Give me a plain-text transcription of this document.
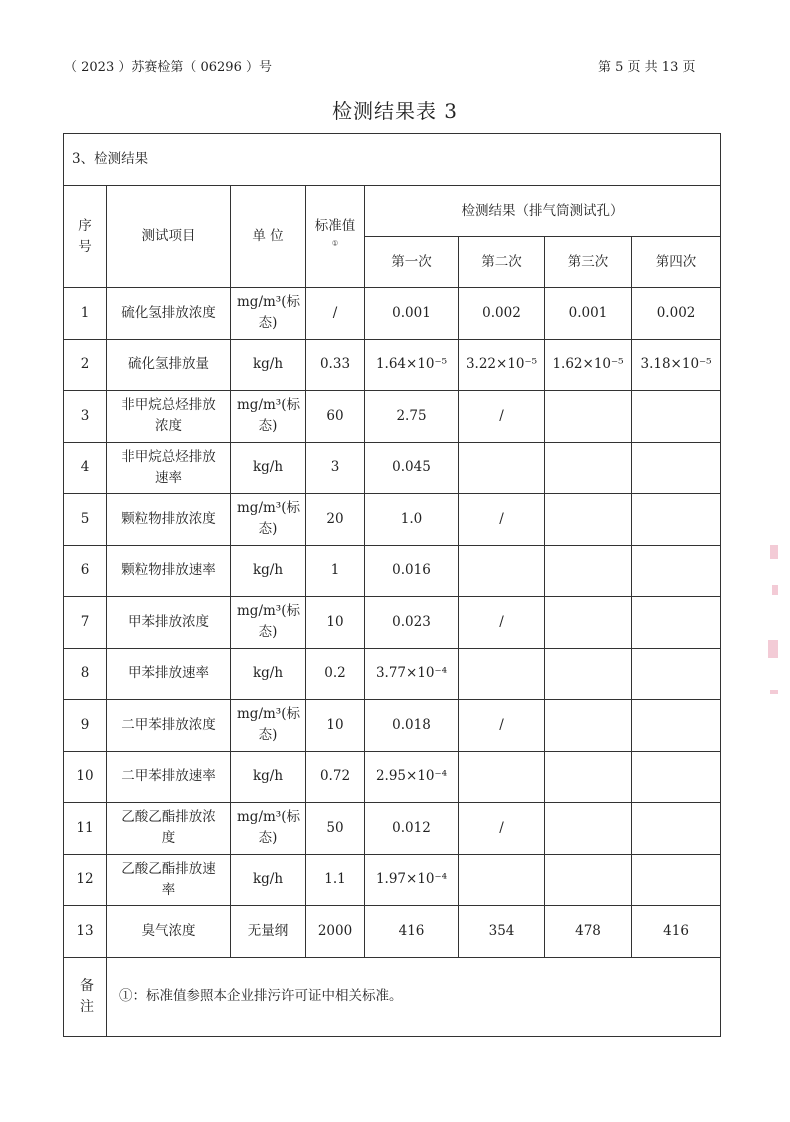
（ 2023 ）苏赛检第（ 06296 ）号	第 5 页 共 13 页
检测结果表 3
3、检测结果							
序号	测试项目	单 位	标准值①	检测结果（排气筒测试孔）			
				第一次	第二次	第三次	第四次
1	硫化氢排放浓度	mg/m³(标态)	/	0.001	0.002	0.001	0.002
2	硫化氢排放量	kg/h	0.33	1.64×10⁻⁵	3.22×10⁻⁵	1.62×10⁻⁵	3.18×10⁻⁵
3	非甲烷总烃排放浓度	mg/m³(标态)	60	2.75	/		
4	非甲烷总烃排放速率	kg/h	3	0.045			
5	颗粒物排放浓度	mg/m³(标态)	20	1.0	/		
6	颗粒物排放速率	kg/h	1	0.016			
7	甲苯排放浓度	mg/m³(标态)	10	0.023	/		
8	甲苯排放速率	kg/h	0.2	3.77×10⁻⁴			
9	二甲苯排放浓度	mg/m³(标态)	10	0.018	/		
10	二甲苯排放速率	kg/h	0.72	2.95×10⁻⁴			
11	乙酸乙酯排放浓度	mg/m³(标态)	50	0.012	/		
12	乙酸乙酯排放速率	kg/h	1.1	1.97×10⁻⁴			
13	臭气浓度	无量纲	2000	416	354	478	416
备注	①：标准值参照本企业排污许可证中相关标准。						
